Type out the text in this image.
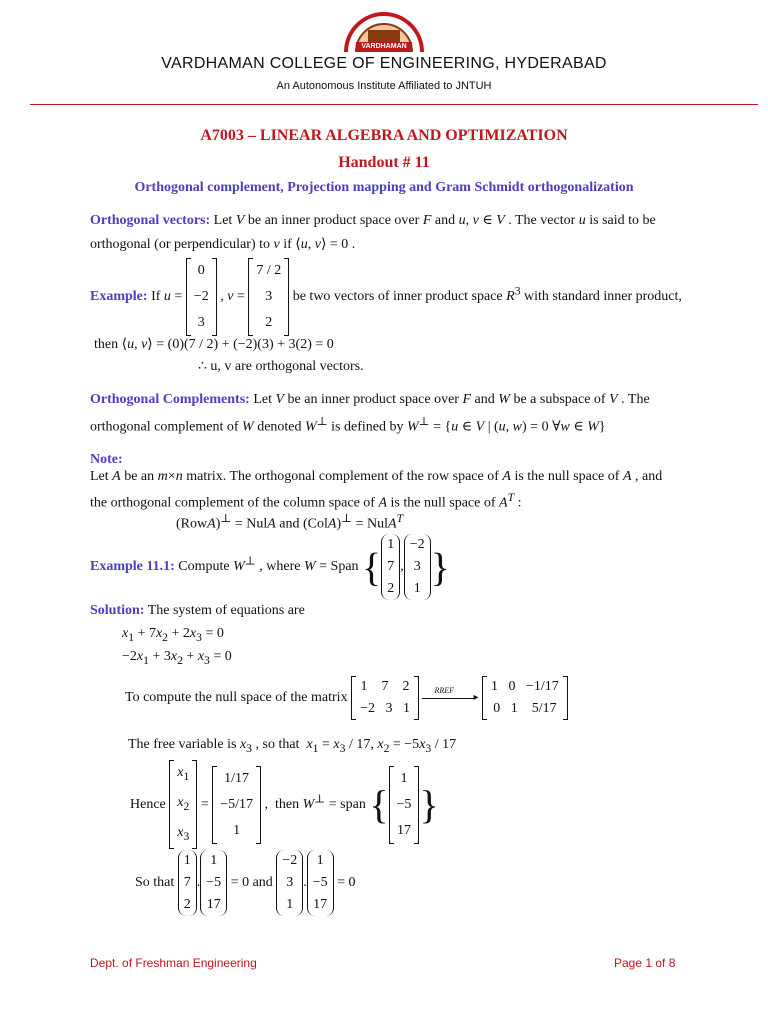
VARDHAMAN
VARDHAMAN COLLEGE OF ENGINEERING, HYDERABAD
An Autonomous Institute Affiliated to JNTUH
A7003 – LINEAR ALGEBRA AND OPTIMIZATION
Handout # 11
Orthogonal complement, Projection mapping and Gram Schmidt orthogonalization
Orthogonal vectors: Let V be an inner product space over F and u, v ∈ V . The vector u is said to be
orthogonal (or perpendicular) to v if ⟨u, v⟩ = 0 .
Example: If u =
0
−2
3
, v =
7 / 2
3
2
be two vectors of inner product space $R^3$ with standard inner product,
then ⟨u, v⟩ = (0)(7 / 2) + (−2)(3) + 3(2) = 0
∴ u, v are orthogonal vectors.
Orthogonal Complements: Let V be an inner product space over F and W be a subspace of V . The
orthogonal complement of W denoted W⊥ is defined by W⊥ = {u ∈ V | (u, w) = 0 ∀w ∈ W}
Note:
Let A be an m×n matrix. The orthogonal complement of the row space of A is the null space of A , and
the orthogonal complement of the column space of A is the null space of $A^T$ :
(RowA)⊥ = NulA and (ColA)⊥ = NulA$^T$
Example 11.1: Compute W⊥ , where W = Span { 1
7
2
,
−2
3
1 }
Solution: The system of equations are
$x_1 + 7x_2 + 2x_3 = 0$
$-2x_1 + 3x_2 + x_3 = 0$
To compute the null space of the matrix
1    7    2
−2   3   1

RREF
▸

1   0   −1/17
0   1    5/17
The free variable is $x_3$ , so that  $x_1 = x_3 / 17$, $x_2 = -5x_3 / 17$
Hence
$x_1$
$x_2$
$x_3$
=
1/17
−5/17
1
,  then W⊥ = span {
1
−5
17
}
So that
1
7
2
.
1
−5
17
= 0 and
−2
3
1
.
1
−5
17
= 0
Dept. of Freshman Engineering	Page 1 of 8
